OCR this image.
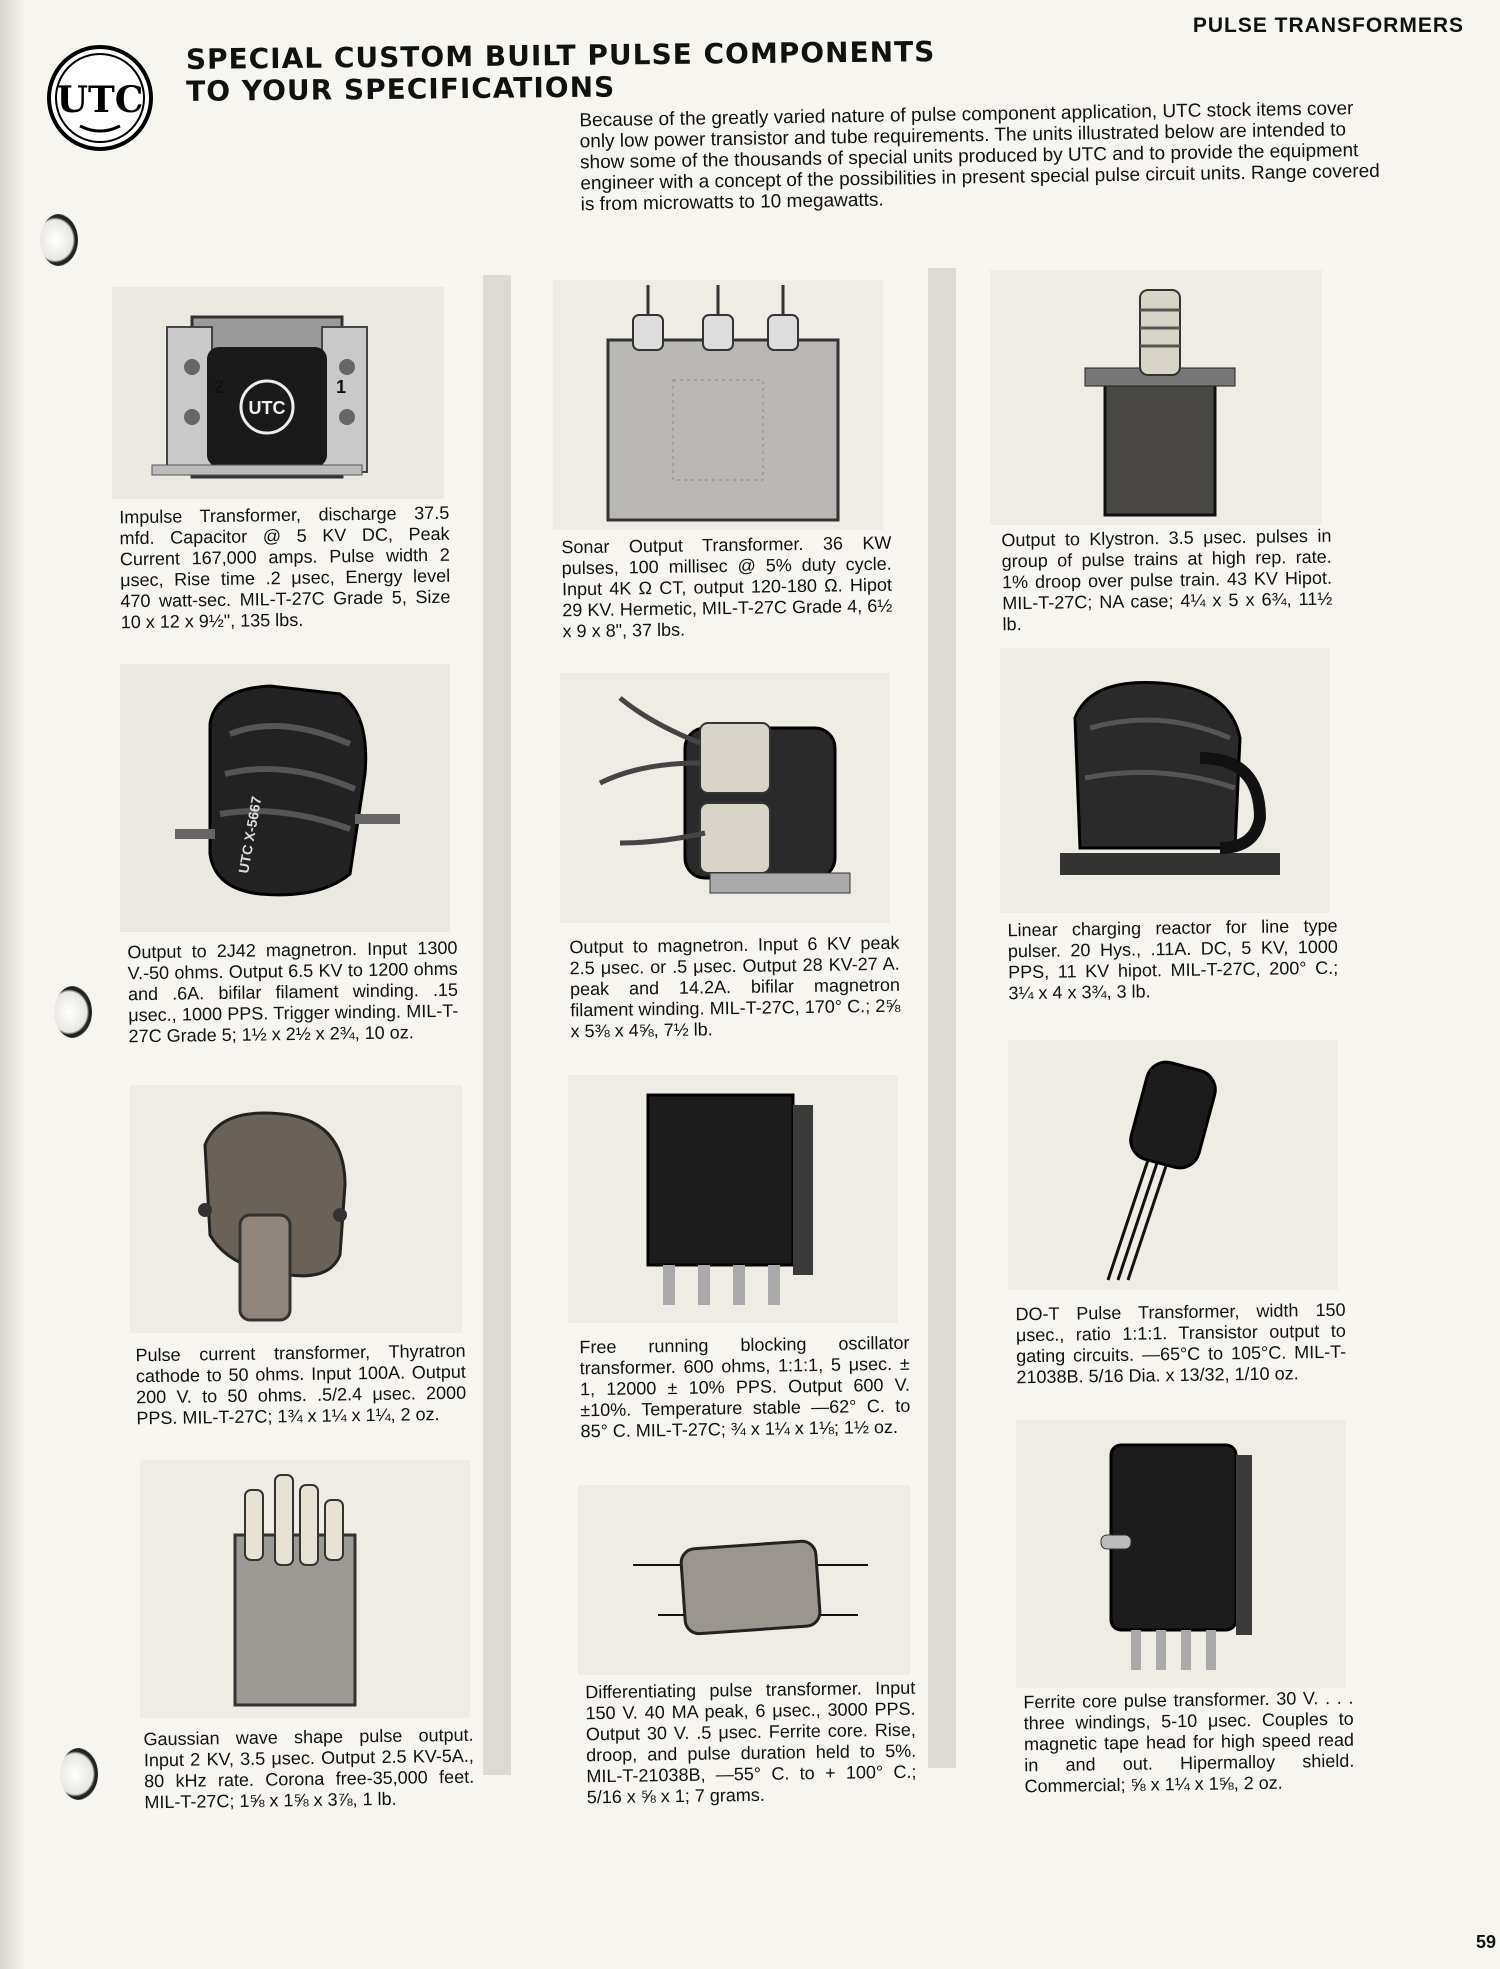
PULSE TRANSFORMERS
UTC
SPECIAL CUSTOM BUILT PULSE COMPONENTS
TO YOUR SPECIFICATIONS
Because of the greatly varied nature of pulse component application, UTC stock items cover only low power transistor and tube requirements. The units illustrated below are intended to show some of the thousands of special units produced by UTC and to provide the equipment engineer with a concept of the possibilities in present special pulse circuit units. Range covered is from microwatts to 10 megawatts.
UTC
2	1
Impulse Transformer, discharge 37.5 mfd. Capacitor @ 5 KV DC, Peak Current 167,000 amps. Pulse width 2 μsec, Rise time .2 μsec, Energy level 470 watt-sec. MIL-T-27C Grade 5, Size 10 x 12 x 9½", 135 lbs.
UTC X-5667
Output to 2J42 magnetron. Input 1300 V.-50 ohms. Output 6.5 KV to 1200 ohms and .6A. bifilar filament winding. .15 μsec., 1000 PPS. Trigger winding. MIL-T-27C Grade 5; 1½ x 2½ x 2¾, 10 oz.
Pulse current transformer, Thyratron cathode to 50 ohms. Input 100A. Output 200 V. to 50 ohms. .5/2.4 μsec. 2000 PPS. MIL-T-27C; 1¾ x 1¼ x 1¼, 2 oz.
Gaussian wave shape pulse output. Input 2 KV, 3.5 μsec. Output 2.5 KV-5A., 80 kHz rate. Corona free-35,000 feet. MIL-T-27C; 1⅝ x 1⅝ x 3⅞, 1 lb.
Sonar Output Transformer. 36 KW pulses, 100 millisec @ 5% duty cycle. Input 4K Ω CT, output 120-180 Ω. Hipot 29 KV. Hermetic, MIL-T-27C Grade 4, 6½ x 9 x 8", 37 lbs.
Output to magnetron. Input 6 KV peak 2.5 μsec. or .5 μsec. Output 28 KV-27 A. peak and 14.2A. bifilar magnetron filament winding. MIL-T-27C, 170° C.; 2⅝ x 5⅜ x 4⅝, 7½ lb.
Free running blocking oscillator transformer. 600 ohms, 1:1:1, 5 μsec. ± 1, 12000 ± 10% PPS. Output 600 V. ±10%. Temperature stable —62° C. to 85° C. MIL-T-27C; ¾ x 1¼ x 1⅛; 1½ oz.
Differentiating pulse transformer. Input 150 V. 40 MA peak, 6 μsec., 3000 PPS. Output 30 V. .5 μsec. Ferrite core. Rise, droop, and pulse duration held to 5%. MIL-T-21038B, —55° C. to + 100° C.; 5/16 x ⅝ x 1; 7 grams.
Output to Klystron. 3.5 μsec. pulses in group of pulse trains at high rep. rate. 1% droop over pulse train. 43 KV Hipot. MIL-T-27C; NA case; 4¼ x 5 x 6¾, 11½ lb.
Linear charging reactor for line type pulser. 20 Hys., .11A. DC, 5 KV, 1000 PPS, 11 KV hipot. MIL-T-27C, 200° C.; 3¼ x 4 x 3¾, 3 lb.
DO-T Pulse Transformer, width 150 μsec., ratio 1:1:1. Transistor output to gating circuits. —65°C to 105°C. MIL-T-21038B. 5/16 Dia. x 13/32, 1/10 oz.
Ferrite core pulse transformer. 30 V. . . . three windings, 5-10 μsec. Couples to magnetic tape head for high speed read in and out. Hipermalloy shield. Commercial; ⅝ x 1¼ x 1⅝, 2 oz.
59
